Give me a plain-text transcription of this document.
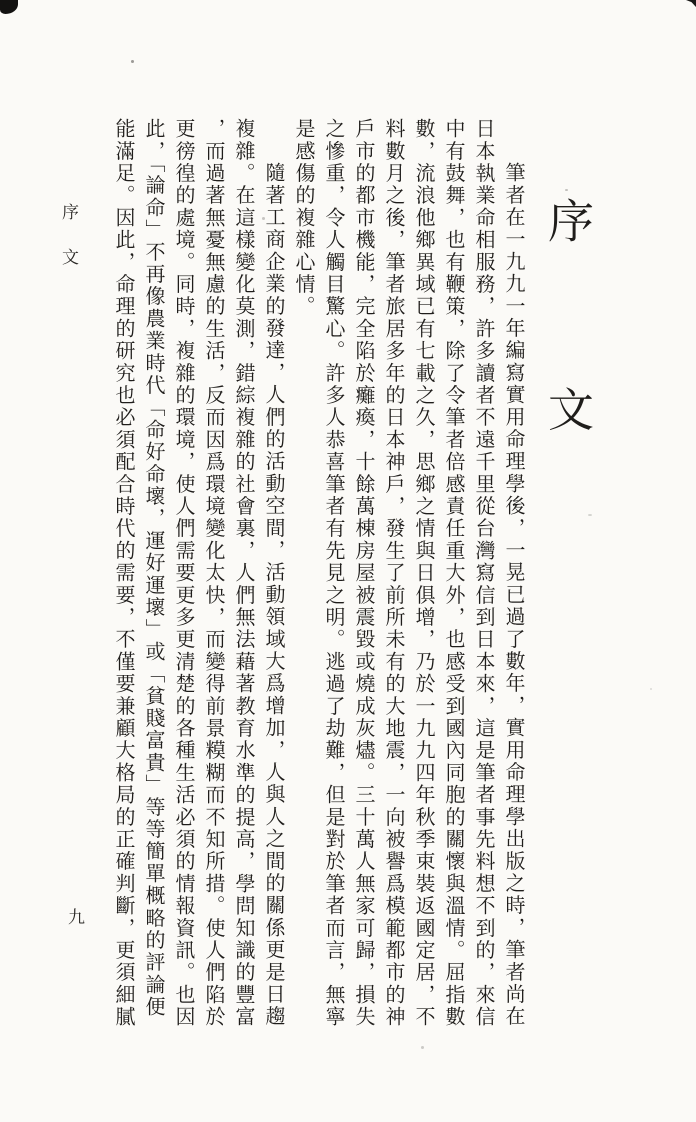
序文

筆者在一九九一年編寫實用命理學後，一晃已過了數年，實用命理學出版之時，筆者尚在日本執業命相服務，許多讀者不遠千里從台灣寫信到日本來，這是筆者事先料想不到的，來信中有鼓舞，也有鞭策，除了令筆者倍感責任重大外，也感受到國內同胞的關懷與溫情。屈指數數，流浪他鄉異域已有七載之久，思鄉之情與日俱增，乃於一九九四年秋季束裝返國定居，不料數月之後，筆者旅居多年的日本神戶，發生了前所未有的大地震，一向被譽爲模範都市的神戶市的都市機能，完全陷於癱瘓，十餘萬棟房屋被震毀或燒成灰燼。三十萬人無家可歸，損失之慘重，令人觸目驚心。許多人恭喜筆者有先見之明。逃過了劫難，但是對於筆者而言，無寧是感傷的複雜心情。

隨著工商企業的發達，人們的活動空間，活動領域大爲增加，人與人之間的關係更是日趨複雜。在這樣變化莫測，錯綜複雜的社會裏，人們無法藉著教育水準的提高，學問知識的豐富，而過著無憂無慮的生活，反而因爲環境變化太快，而變得前景糢糊而不知所措。使人們陷於更徬徨的處境。同時，複雜的環境，使人們需要更多更清楚的各種生活必須的情報資訊。也因此，「論命」不再像農業時代「命好命壞，運好運壞」或「貧賤富貴」等等簡單概略的評論便能滿足。因此，命理的研究也必須配合時代的需要，不僅要兼顧大格局的正確判斷，更須細膩

序文
九
